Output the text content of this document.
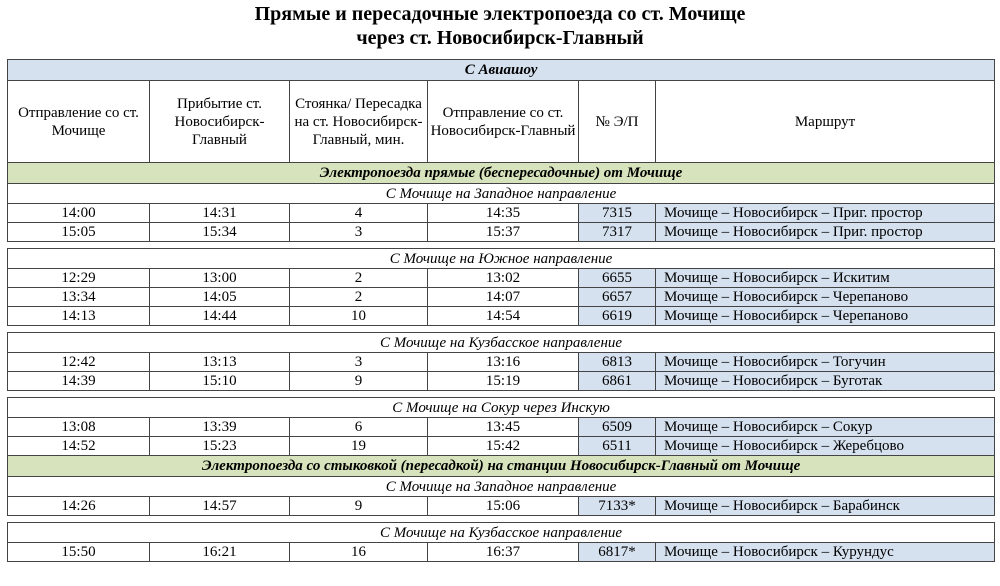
Прямые и пересадочные электропоезда со ст. Мочище
через ст. Новосибирск-Главный
С Авиашоу					
Отправление со ст. Мочище	Прибытие ст. Новосибирск-Главный	Стоянка/ Пересадка на ст. Новосибирск-Главный, мин.	Отправление со ст. Новосибирск-Главный	№ Э/П	Маршрут
Электропоезда прямые (беспересадочные) от Мочище					
С Мочище на Западное направление					
14:00	14:31	4	14:35	7315	Мочище – Новосибирск – Приг. простор
15:05	15:34	3	15:37	7317	Мочище – Новосибирск – Приг. простор

С Мочище на Южное направление					
12:29	13:00	2	13:02	6655	Мочище – Новосибирск – Искитим
13:34	14:05	2	14:07	6657	Мочище – Новосибирск – Черепаново
14:13	14:44	10	14:54	6619	Мочище – Новосибирск – Черепаново

С Мочище на Кузбасское направление					
12:42	13:13	3	13:16	6813	Мочище – Новосибирск – Тогучин
14:39	15:10	9	15:19	6861	Мочище – Новосибирск – Буготак

С Мочище на Сокур через Инскую					
13:08	13:39	6	13:45	6509	Мочище – Новосибирск – Сокур
14:52	15:23	19	15:42	6511	Мочище – Новосибирск – Жеребцово
Электропоезда со стыковкой (пересадкой) на станции Новосибирск-Главный от Мочище					
С Мочище на Западное направление					
14:26	14:57	9	15:06	7133*	Мочище – Новосибирск – Барабинск

С Мочище на Кузбасское направление					
15:50	16:21	16	16:37	6817*	Мочище – Новосибирск – Курундус
